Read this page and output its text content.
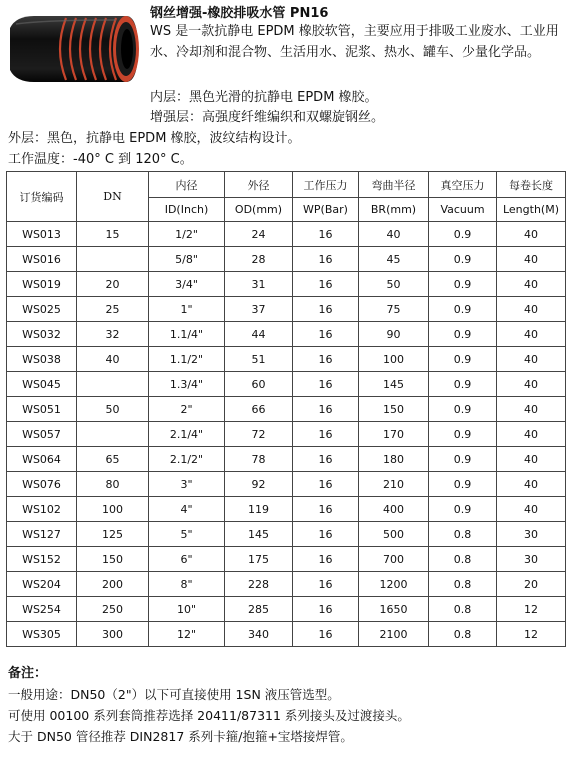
钢丝增强-橡胶排吸水管 PN16
WS 是一款抗静电 EPDM 橡胶软管，主要应用于排吸工业废水、工业用水、冷却剂和混合物、生活用水、泥浆、热水、罐车、少量化学品。
内层：黑色光滑的抗静电 EPDM 橡胶。
增强层：高强度纤维编织和双螺旋钢丝。
外层：黑色，抗静电 EPDM 橡胶，波纹结构设计。
工作温度：-40° C 到 120° C。
订货编码	DN	内径	外径	工作压力	弯曲半径	真空压力	每卷长度
		ID(Inch)	OD(mm)	WP(Bar)	BR(mm)	Vacuum	Length(M)
WS013	15	1/2"	24	16	40	0.9	40
WS016		5/8"	28	16	45	0.9	40
WS019	20	3/4"	31	16	50	0.9	40
WS025	25	1"	37	16	75	0.9	40
WS032	32	1.1/4"	44	16	90	0.9	40
WS038	40	1.1/2"	51	16	100	0.9	40
WS045		1.3/4"	60	16	145	0.9	40
WS051	50	2"	66	16	150	0.9	40
WS057		2.1/4"	72	16	170	0.9	40
WS064	65	2.1/2"	78	16	180	0.9	40
WS076	80	3"	92	16	210	0.9	40
WS102	100	4"	119	16	400	0.9	40
WS127	125	5"	145	16	500	0.8	30
WS152	150	6"	175	16	700	0.8	30
WS204	200	8"	228	16	1200	0.8	20
WS254	250	10"	285	16	1650	0.8	12
WS305	300	12"	340	16	2100	0.8	12
备注：
一般用途：DN50（2"）以下可直接使用 1SN 液压管选型。
可使用 00100 系列套筒推荐选择 20411/87311 系列接头及过渡接头。
大于 DN50 管径推荐 DIN2817 系列卡箍/抱箍+宝塔接焊管。
